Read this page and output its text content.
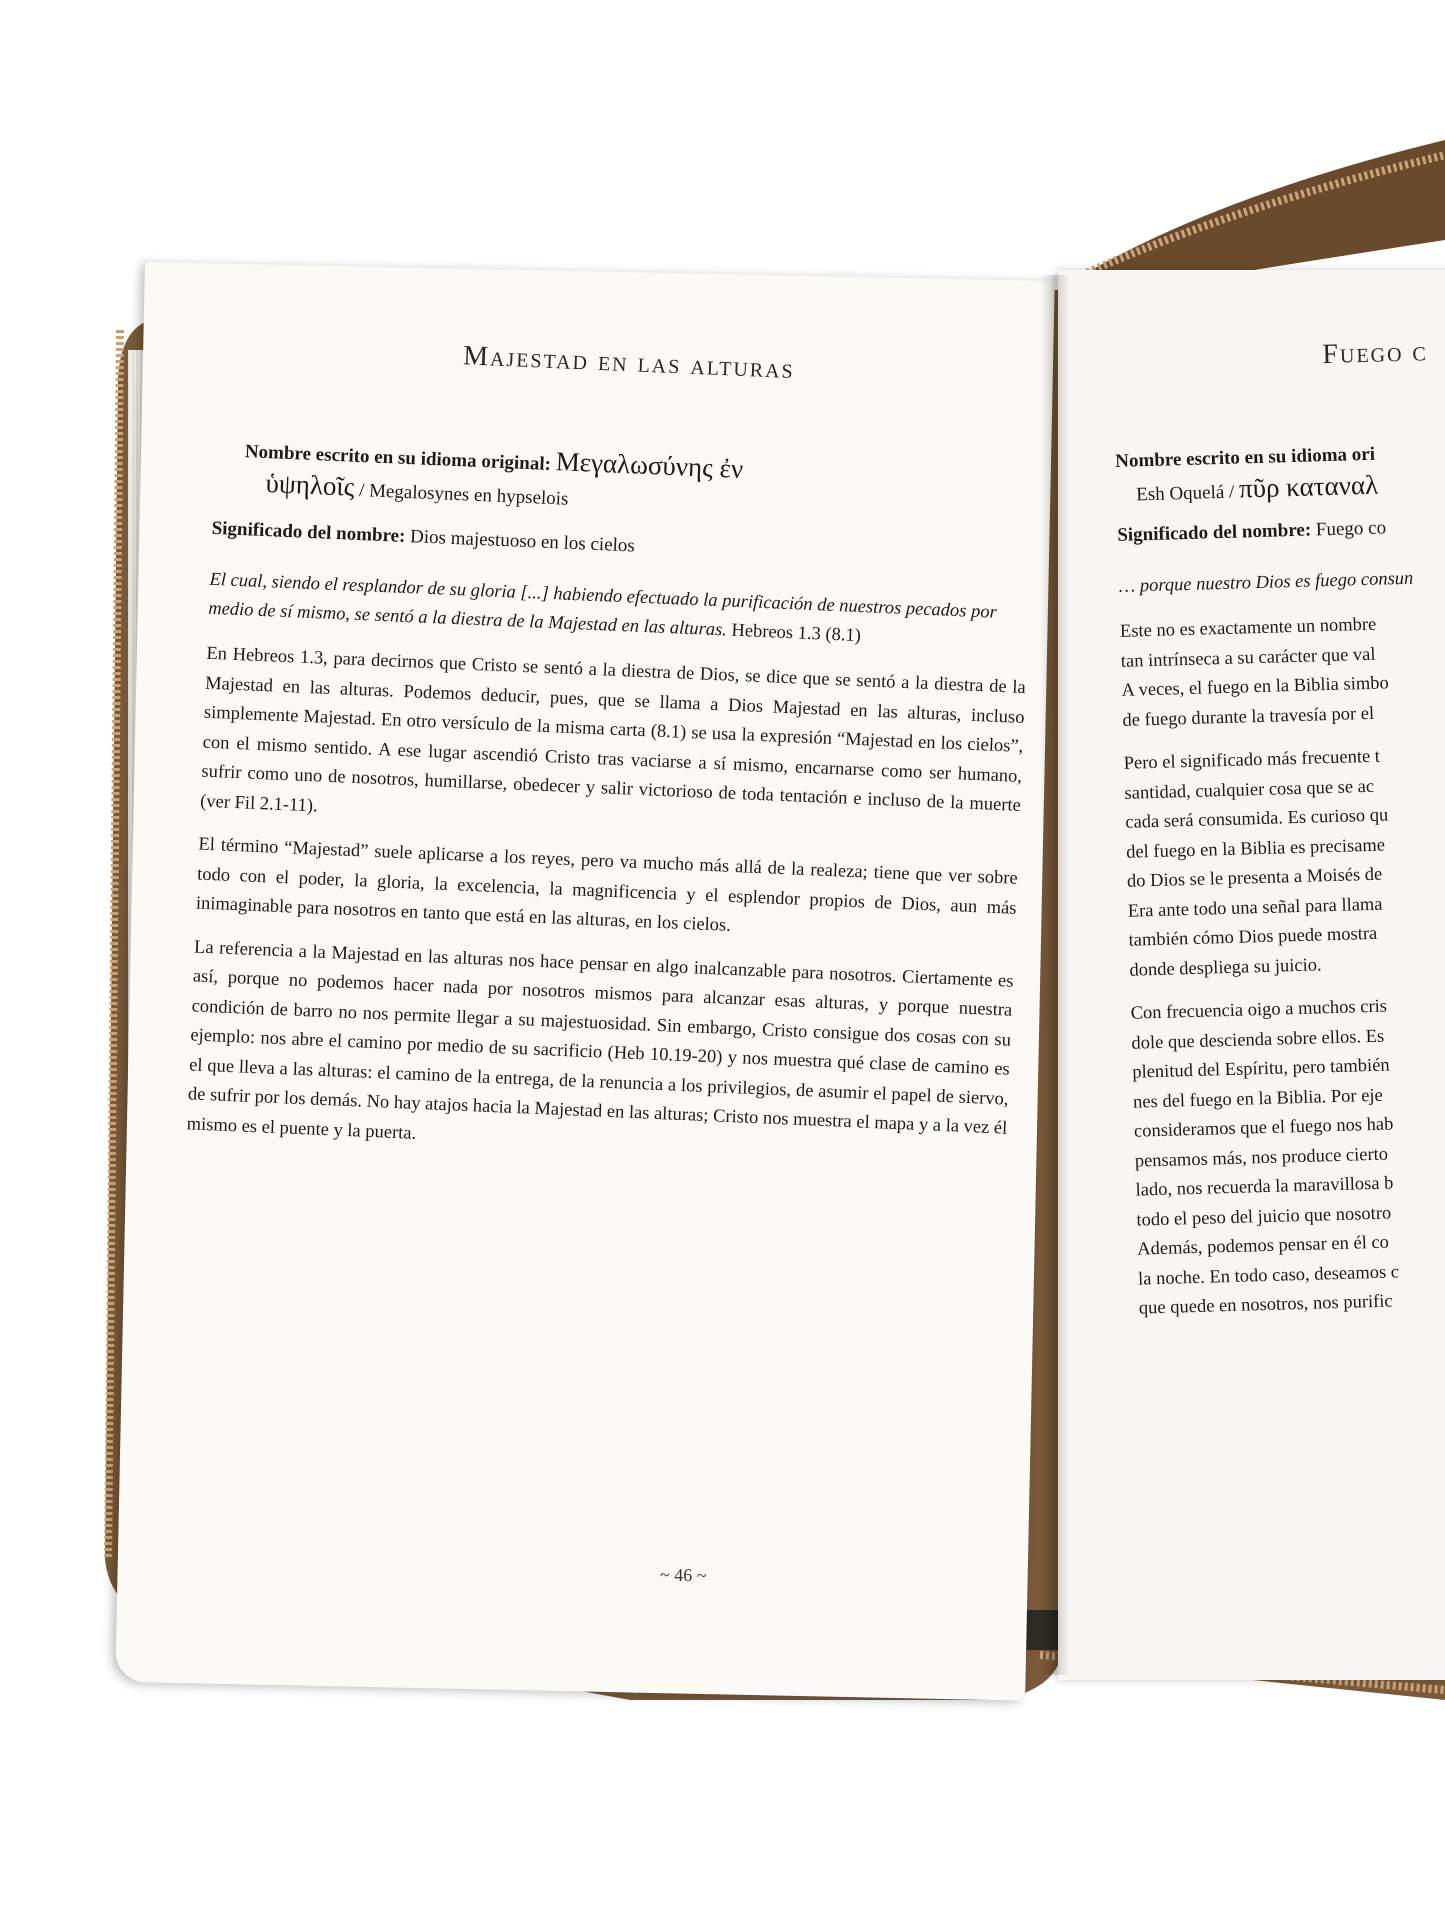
Majestad en las alturas
Nombre escrito en su idioma original: Μεγαλωσύνης ἐν
ὑψηλοῖς / Megalosynes en hypselois
Significado del nombre: Dios majestuoso en los cielos
El cual, siendo el resplandor de su gloria [...] habiendo efectuado la purificación de nuestros pecados por medio de sí mismo, se sentó a la diestra de la Majestad en las alturas. Hebreos 1.3 (8.1)

En Hebreos 1.3, para decirnos que Cristo se sentó a la diestra de Dios, se dice que se sentó a la diestra de la Majestad en las alturas. Podemos deducir, pues, que se llama a Dios Majestad en las alturas, incluso simplemente Majestad. En otro versículo de la misma carta (8.1) se usa la expresión “Majestad en los cielos”, con el mismo sentido. A ese lugar ascendió Cristo tras vaciarse a sí mismo, encarnarse como ser humano, sufrir como uno de nosotros, humillarse, obedecer y salir victorioso de toda tentación e incluso de la muerte (ver Fil 2.1-11).

El término “Majestad” suele aplicarse a los reyes, pero va mucho más allá de la realeza; tiene que ver sobre todo con el poder, la gloria, la excelencia, la magnificencia y el esplendor propios de Dios, aun más inimaginable para nosotros en tanto que está en las alturas, en los cielos.

La referencia a la Majestad en las alturas nos hace pensar en algo inalcanzable para nosotros. Ciertamente es así, porque no podemos hacer nada por nosotros mismos para alcanzar esas alturas, y porque nuestra condición de barro no nos permite llegar a su majestuosidad. Sin embargo, Cristo consigue dos cosas con su ejemplo: nos abre el camino por medio de su sacrificio (Heb 10.19-20) y nos muestra qué clase de camino es el que lleva a las alturas: el camino de la entrega, de la renuncia a los privilegios, de asumir el papel de siervo, de sufrir por los demás. No hay atajos hacia la Majestad en las alturas; Cristo nos muestra el mapa y a la vez él mismo es el puente y la puerta.

~ 46 ~
Fuego c
Nombre escrito en su idioma ori
Esh Oquelá / πῦρ καταναλ
Significado del nombre: Fuego co
… porque nuestro Dios es fuego consun
Este no es exactamente un nombre
tan intrínseca a su carácter que val
A veces, el fuego en la Biblia simbo
de fuego durante la travesía por el
Pero el significado más frecuente t
santidad, cualquier cosa que se ac
cada será consumida. Es curioso qu
del fuego en la Biblia es precisame
do Dios se le presenta a Moisés de
Era ante todo una señal para llama
también cómo Dios puede mostra
donde despliega su juicio.
Con frecuencia oigo a muchos cris
dole que descienda sobre ellos. Es
plenitud del Espíritu, pero también
nes del fuego en la Biblia. Por eje
consideramos que el fuego nos hab
pensamos más, nos produce cierto
lado, nos recuerda la maravillosa b
todo el peso del juicio que nosotro
Además, podemos pensar en él co
la noche. En todo caso, deseamos c
que quede en nosotros, nos purific
